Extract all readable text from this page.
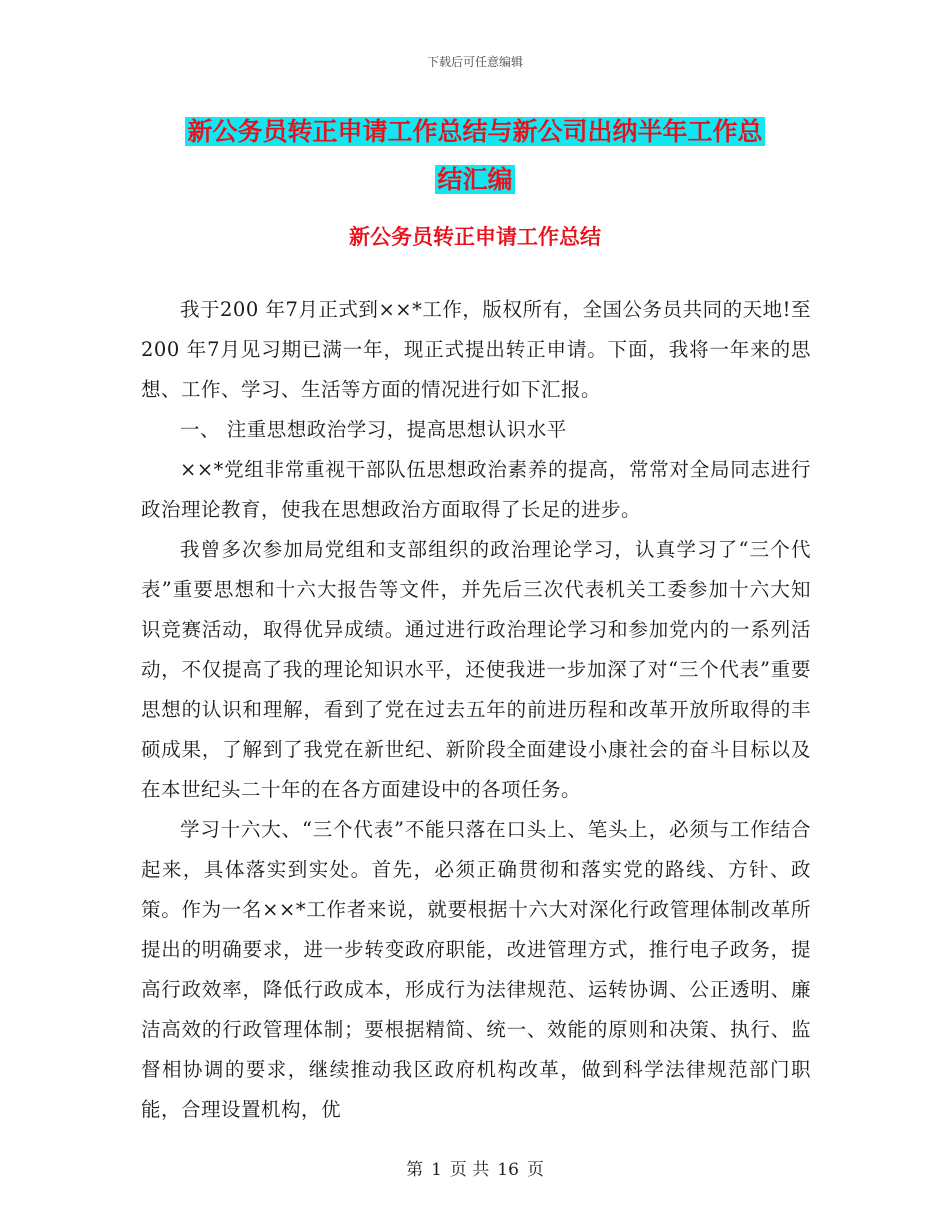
下载后可任意编辑
新公务员转正申请工作总结与新公司出纳半年工作总
结汇编
新公务员转正申请工作总结

我于200 年7月正式到××*工作，版权所有，全国公务员共同的天地!至200 年7月见习期已满一年，现正式提出转正申请。下面，我将一年来的思想、工作、学习、生活等方面的情况进行如下汇报。

一、 注重思想政治学习，提高思想认识水平

××*党组非常重视干部队伍思想政治素养的提高，常常对全局同志进行政治理论教育，使我在思想政治方面取得了长足的进步。

我曾多次参加局党组和支部组织的政治理论学习，认真学习了“三个代表”重要思想和十六大报告等文件，并先后三次代表机关工委参加十六大知识竞赛活动，取得优异成绩。通过进行政治理论学习和参加党内的一系列活动，不仅提高了我的理论知识水平，还使我进一步加深了对“三个代表”重要思想的认识和理解，看到了党在过去五年的前进历程和改革开放所取得的丰硕成果，了解到了我党在新世纪、新阶段全面建设小康社会的奋斗目标以及在本世纪头二十年的在各方面建设中的各项任务。

学习十六大、“三个代表”不能只落在口头上、笔头上，必须与工作结合起来，具体落实到实处。首先，必须正确贯彻和落实党的路线、方针、政策。作为一名××*工作者来说，就要根据十六大对深化行政管理体制改革所提出的明确要求，进一步转变政府职能，改进管理方式，推行电子政务，提高行政效率，降低行政成本，形成行为法律规范、运转协调、公正透明、廉洁高效的行政管理体制；要根据精简、统一、效能的原则和决策、执行、监督相协调的要求，继续推动我区政府机构改革，做到科学法律规范部门职能，合理设置机构，优

第 1 页 共 16 页
